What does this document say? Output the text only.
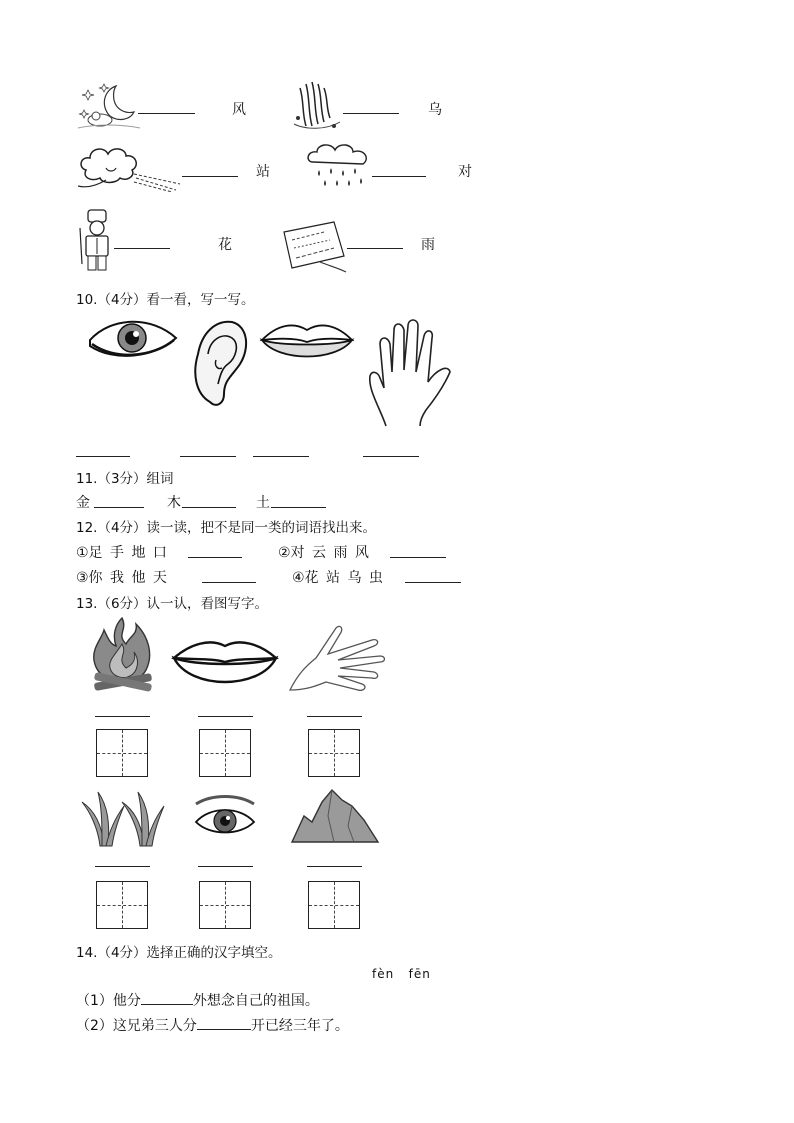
风	乌
站	对
花	雨
10.（4分）看一看，写一写。
11.（3分）组词
金	木	土
12.（4分）读一读，把不是同一类的词语找出来。
①足 手 地 口	②对 云 雨 风
③你 我 他 天	④花 站 乌 虫
13.（6分）认一认，看图写字。
14.（4分）选择正确的汉字填空。
fèn   fēn
（1）他分	外想念自己的祖国。
（2）这兄弟三人分	开已经三年了。
